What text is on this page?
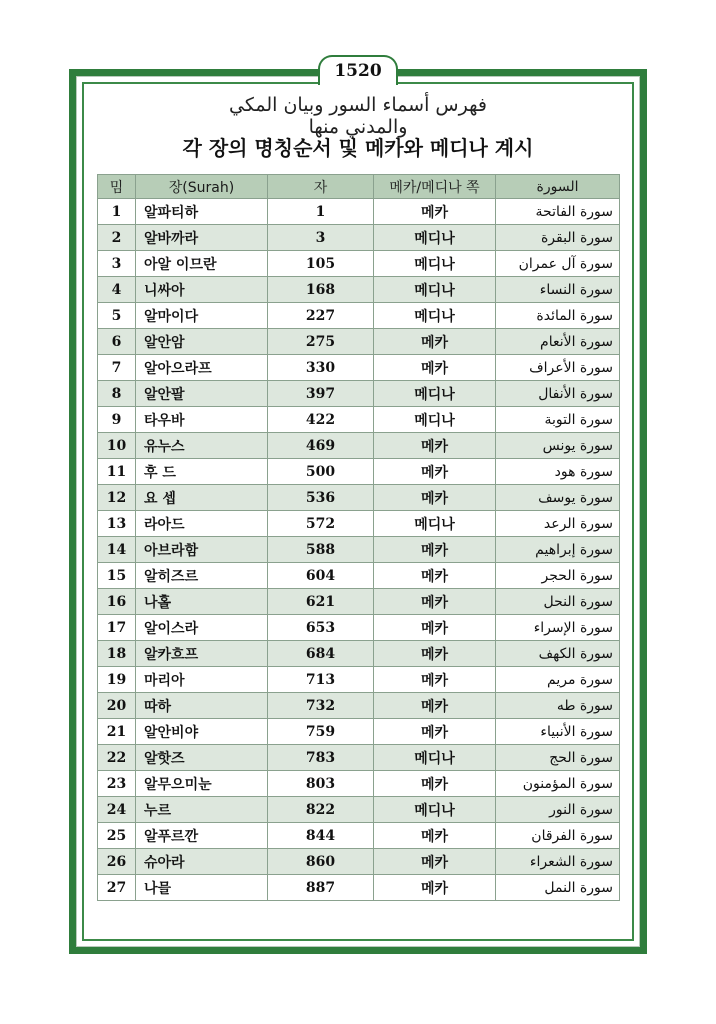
1520
فهرس أسماء السور وبيان المكي والمدني منها
각 장의 명칭순서 및 메카와 메디나 계시
밈	장(Surah)	자	메카/메디나 쪽	السورة
1	알파티하	1	메카	سورة الفاتحة
2	알바까라	3	메디나	سورة البقرة
3	아알 이므란	105	메디나	سورة آل عمران
4	니싸아	168	메디나	سورة النساء
5	알마이다	227	메디나	سورة المائدة
6	알안암	275	메카	سورة الأنعام
7	알아으라프	330	메카	سورة الأعراف
8	알안팔	397	메디나	سورة الأنفال
9	타우바	422	메디나	سورة التوبة
10	유누스	469	메카	سورة يونس
11	후 드	500	메카	سورة هود
12	요 셉	536	메카	سورة يوسف
13	라아드	572	메디나	سورة الرعد
14	아브라함	588	메카	سورة إبراهيم
15	알히즈르	604	메카	سورة الحجر
16	나홀	621	메카	سورة النحل
17	알이스라	653	메카	سورة الإسراء
18	알카흐프	684	메카	سورة الكهف
19	마리아	713	메카	سورة مريم
20	따하	732	메카	سورة طه
21	알안비야	759	메카	سورة الأنبياء
22	알핫즈	783	메디나	سورة الحج
23	알무으미눈	803	메카	سورة المؤمنون
24	누르	822	메디나	سورة النور
25	알푸르깐	844	메카	سورة الفرقان
26	슈아라	860	메카	سورة الشعراء
27	나믈	887	메카	سورة النمل
